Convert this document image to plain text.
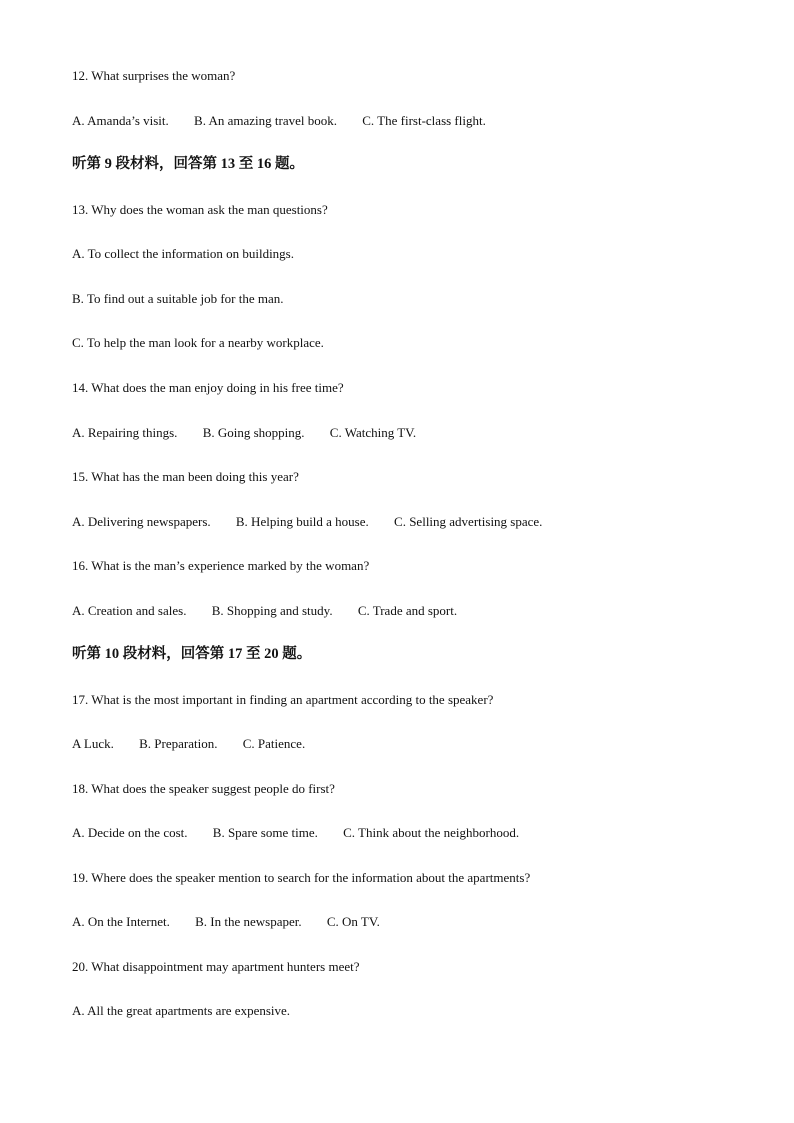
12. What surprises the woman?
A. Amanda’s visit. B. An amazing travel book. C. The first-class flight.
听第 9 段材料，回答第 13 至 16 题。
13. Why does the woman ask the man questions?
A. To collect the information on buildings.
B. To find out a suitable job for the man.
C. To help the man look for a nearby workplace.
14. What does the man enjoy doing in his free time?
A. Repairing things. B. Going shopping. C. Watching TV.
15. What has the man been doing this year?
A. Delivering newspapers. B. Helping build a house. C. Selling advertising space.
16. What is the man’s experience marked by the woman?
A. Creation and sales. B. Shopping and study. C. Trade and sport.
听第 10 段材料，回答第 17 至 20 题。
17. What is the most important in finding an apartment according to the speaker?
A Luck. B. Preparation. C. Patience.
18. What does the speaker suggest people do first?
A. Decide on the cost. B. Spare some time. C. Think about the neighborhood.
19. Where does the speaker mention to search for the information about the apartments?
A. On the Internet. B. In the newspaper. C. On TV.
20. What disappointment may apartment hunters meet?
A. All the great apartments are expensive.
